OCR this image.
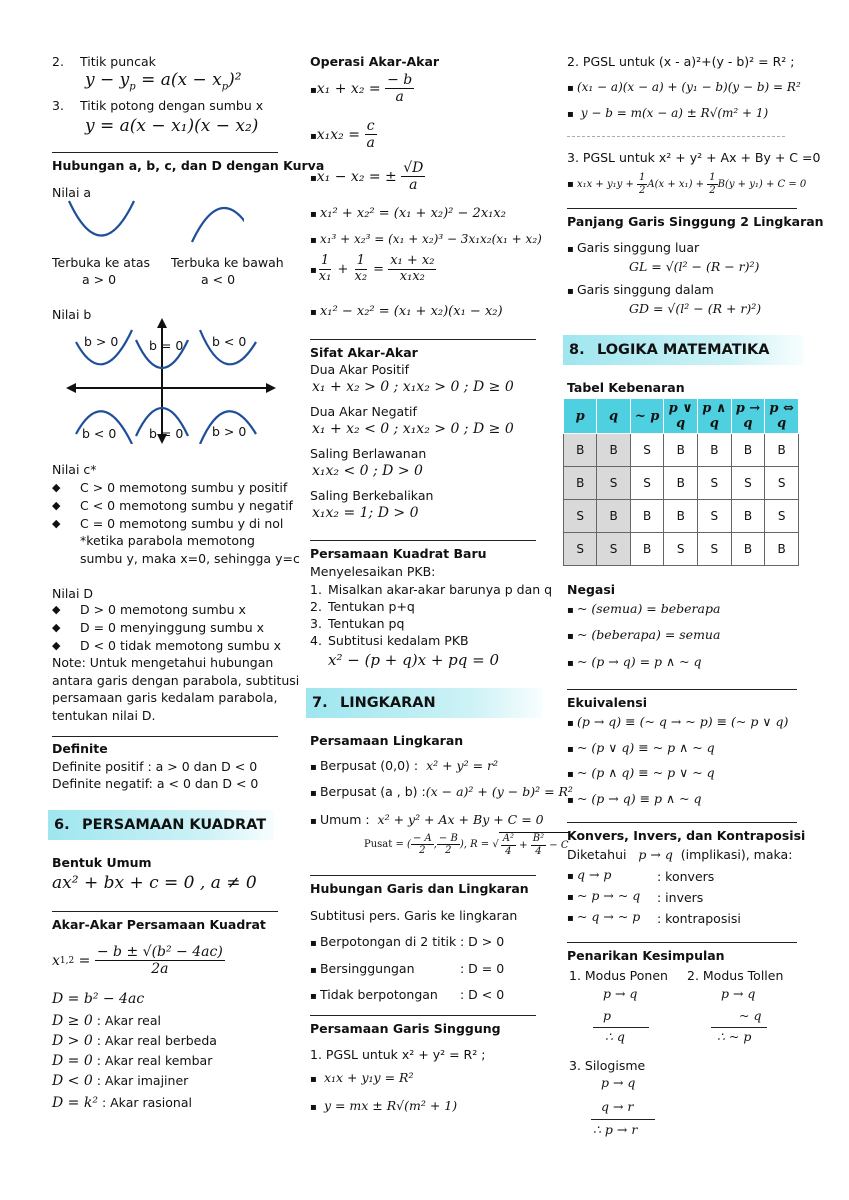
2. Titik puncak
$y - y_p = a(x - x_p)^2$
3. Titik potong dengan sumbu x
y = a(x − x₁)(x − x₂)
Hubungan a, b, c, dan D dengan Kurva
Nilai a
Terbuka ke atas
a > 0
Terbuka ke bawah
a < 0
Nilai b
b > 0 b = 0 b < 0
b < 0	b = 0 b > 0
Nilai c*
◆ C > 0 memotong sumbu y positif
◆ C < 0 memotong sumbu y negatif
◆ C = 0 memotong sumbu y di nol
*ketika parabola memotong
sumbu y, maka x=0, sehingga y=c
Nilai D
◆ D > 0 memotong sumbu x
◆ D = 0 menyinggung sumbu x
◆ D < 0 tidak memotong sumbu x
Note: Untuk mengetahui hubungan
antara garis dengan parabola, subtitusi
persamaan garis kedalam parabola,
tentukan nilai D.
Definite
Definite positif : a > 0 dan D < 0
Definite negatif: a < 0 dan D < 0
6. PERSAMAAN KUADRAT
Bentuk Umum
ax² + bx + c = 0 , a ≠ 0
Akar-Akar Persamaan Kuadrat
x $1,2 = \frac{\text{− b ± √(b² − 4ac)}}{2a}$
D = b² − 4ac
D ≥ 0 : Akar real
D > 0 : Akar real berbeda
D = 0 : Akar real kembar
D < 0 : Akar imajiner
D = k² : Akar rasional
Operasi Akar-Akar
▪
x₁ + x₂ =
$\frac{- b}{a}$
▪
x₁x₂ =
$\frac{c}{a}$
▪
x₁ − x₂ = ±
$\frac{√D}{a}$
▪ x₁² + x₂² = (x₁ + x₂)² − 2x₁x₂
▪ x₁³ + x₂³ = (x₁ + x₂)³ − 3x₁x₂(x₁ + x₂)
▪
$\frac{1}{\text{x₁}} + \frac{1}{\text{x₂}} = \frac{\text{x₁ + x₂}}{\text{x₁x₂}}$
▪ x₁² − x₂² = (x₁ + x₂)(x₁ − x₂)
Sifat Akar-Akar
Dua Akar Positif
x₁ + x₂ > 0 ; x₁x₂ > 0 ; D ≥ 0
Dua Akar Negatif
x₁ + x₂ < 0 ; x₁x₂ > 0 ; D ≥ 0
Saling Berlawanan
x₁x₂ < 0 ; D > 0
Saling Berkebalikan
x₁x₂ = 1; D > 0
Persamaan Kuadrat Baru
Menyelesaikan PKB:
1. Misalkan akar-akar barunya p dan q
2. Tentukan p+q
3. Tentukan pq
4. Subtitusi kedalam PKB
x² − (p + q)x + pq = 0
7. LINGKARAN
Persamaan Lingkaran
▪ Berpusat (0,0) : x² + y² = r²
▪ Berpusat (a , b) :(x − a)² + (y − b)² = R²
▪ Umum : x² + y² + Ax + By + C = 0
Pusat = ( $\frac{- A}{2}$ , $\frac{- B}{2}$ ) , R = √ $\frac{\text{A²}}{4} + \frac{\text{B²}}{4}$
− C
Hubungan Garis dan Lingkaran
Subtitusi pers. Garis ke lingkaran
▪ Berpotongan di 2 titik : D > 0
▪ Bersinggungan	: D = 0
▪ Tidak berpotongan : D < 0
Persamaan Garis Singgung
1. PGSL untuk x² + y² = R² ;
▪  x₁x + y₁y = R²
▪  y = mx ± R√(m² + 1)
2. PGSL untuk (x - a)²+(y - b)² = R² ;
▪ (x₁ − a)(x − a) + (y₁ − b)(y − b) = R²
▪  y − b = m(x − a) ± R√(m² + 1)
3. PGSL untuk x² + y² + Ax + By + C =0
▪

x₁x + y₁y +
$\frac{1}{2} A(x + x_1)$ +
$\frac{1}{2} B(y + y_1) + C = 0$
Panjang Garis Singgung 2 Lingkaran
▪ Garis singgung luar
GL = √(l² − (R − r)²)
▪ Garis singgung dalam
GD = √(l² − (R + r)²)
8. LOGIKA MATEMATIKA
Tabel Kebenaran
p	q	~ p	p ∨ q	p ∧ q	p → q	p ⇔ q
B	B	S	B	B	B	B
B	S	S	B	S	S	S
S	B	B	B	S	B	S
S	S	B	S	S	B	B
Negasi
▪ ~ (semua) = beberapa
▪ ~ (beberapa) = semua
▪ ~ (p → q) = p ∧ ~ q
Ekuivalensi
▪ (p → q) ≡ (~ q → ~ p) ≡ (~ p ∨ q)
▪ ~ (p ∨ q) ≡ ~ p ∧ ~ q
▪ ~ (p ∧ q) ≡ ~ p ∨ ~ q
▪ ~ (p → q) ≡ p ∧ ~ q
Konvers, Invers, dan Kontraposisi
Diketahui p → q (implikasi), maka:
▪ q → p	: konvers
▪ ~ p → ~ q : invers
▪ ~ q → ~ p : kontraposisi
Penarikan Kesimpulan
1. Modus Ponen 2. Modus Tollen
p → q
p
∴ q
p → q
~ q
∴ ~ p
3. Silogisme
p → q
q → r
∴ p → r
